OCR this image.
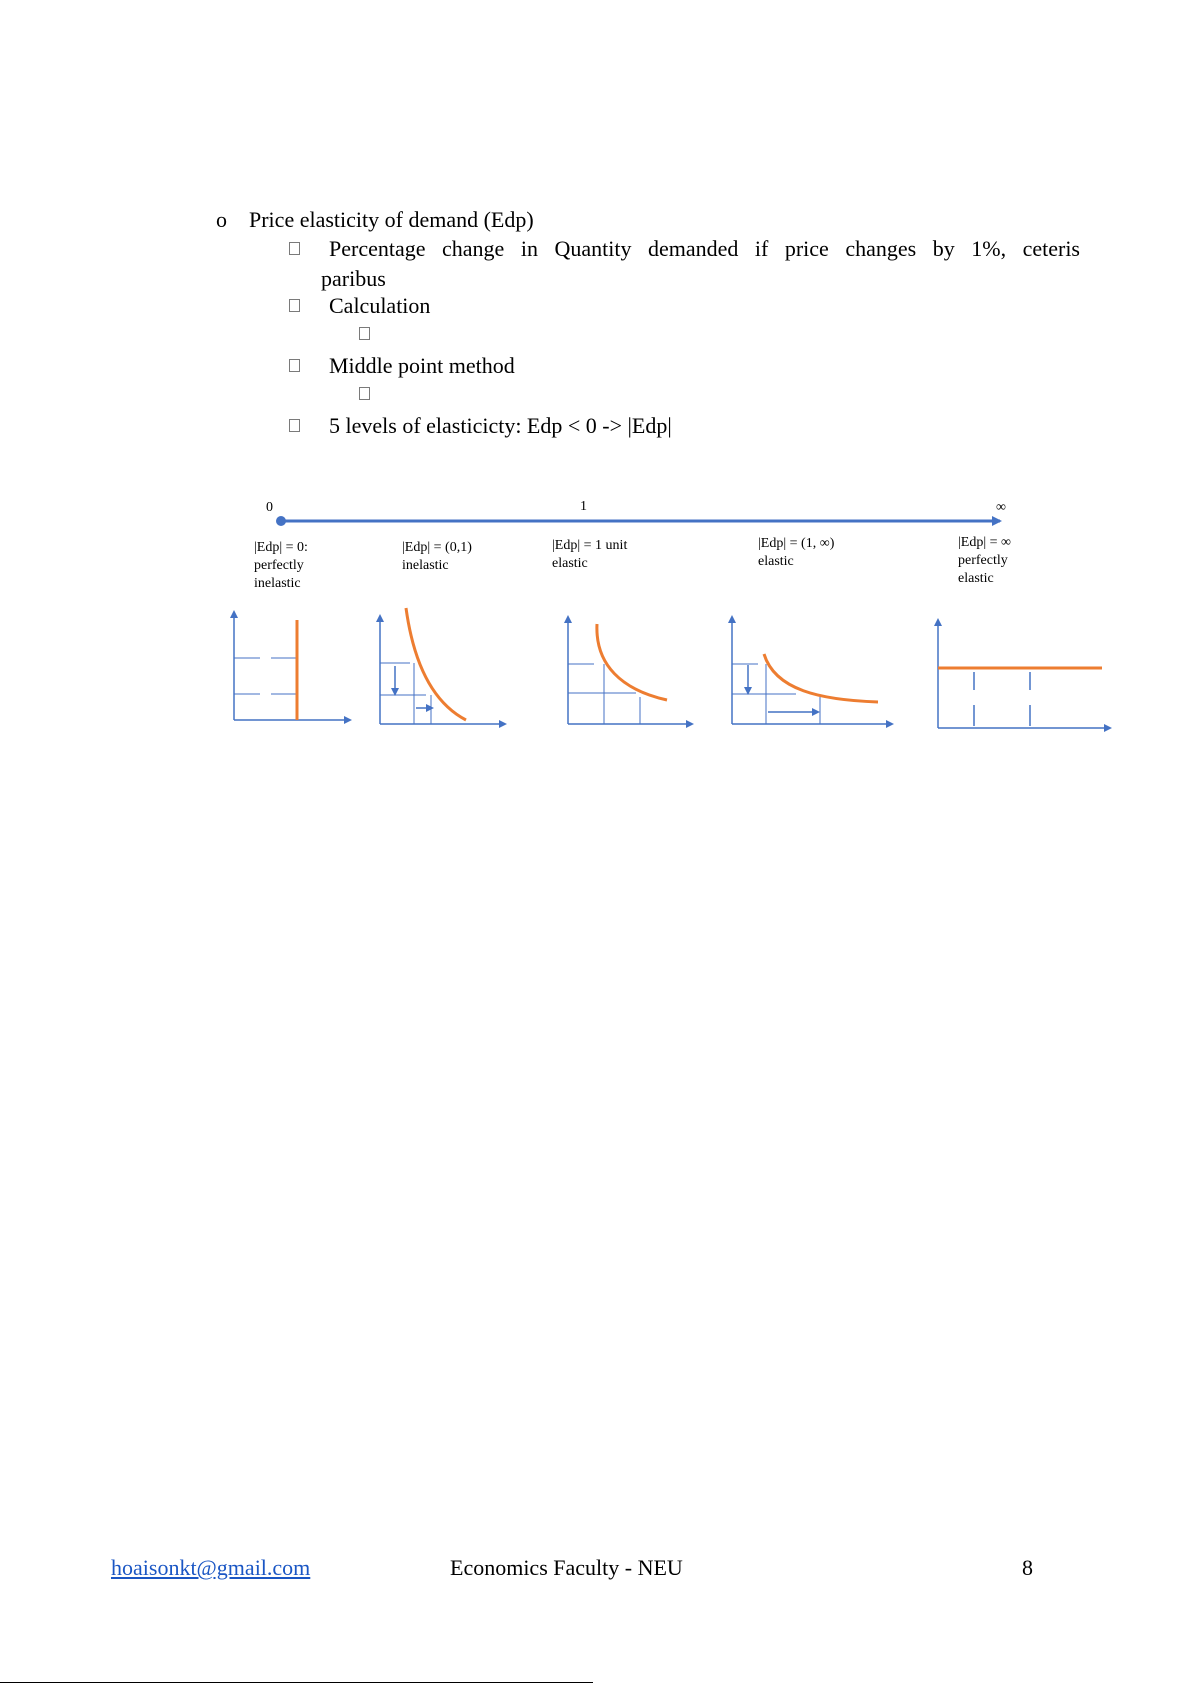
o Price elasticity of demand (Edp)
Percentage change in Quantity demanded if price changes by 1%, ceteris
paribus
Calculation
Middle point method
5 levels of elasticicty: Edp < 0 -> |Edp|
0	1	∞
|Edp| = 0:
perfectly
inelastic
|Edp| = (0,1)
inelastic
|Edp| = 1 unit
elastic
|Edp| = (1, ∞)
elastic
|Edp| = ∞
perfectly
elastic
hoaisonkt@gmail.com	Economics Faculty - NEU	8
